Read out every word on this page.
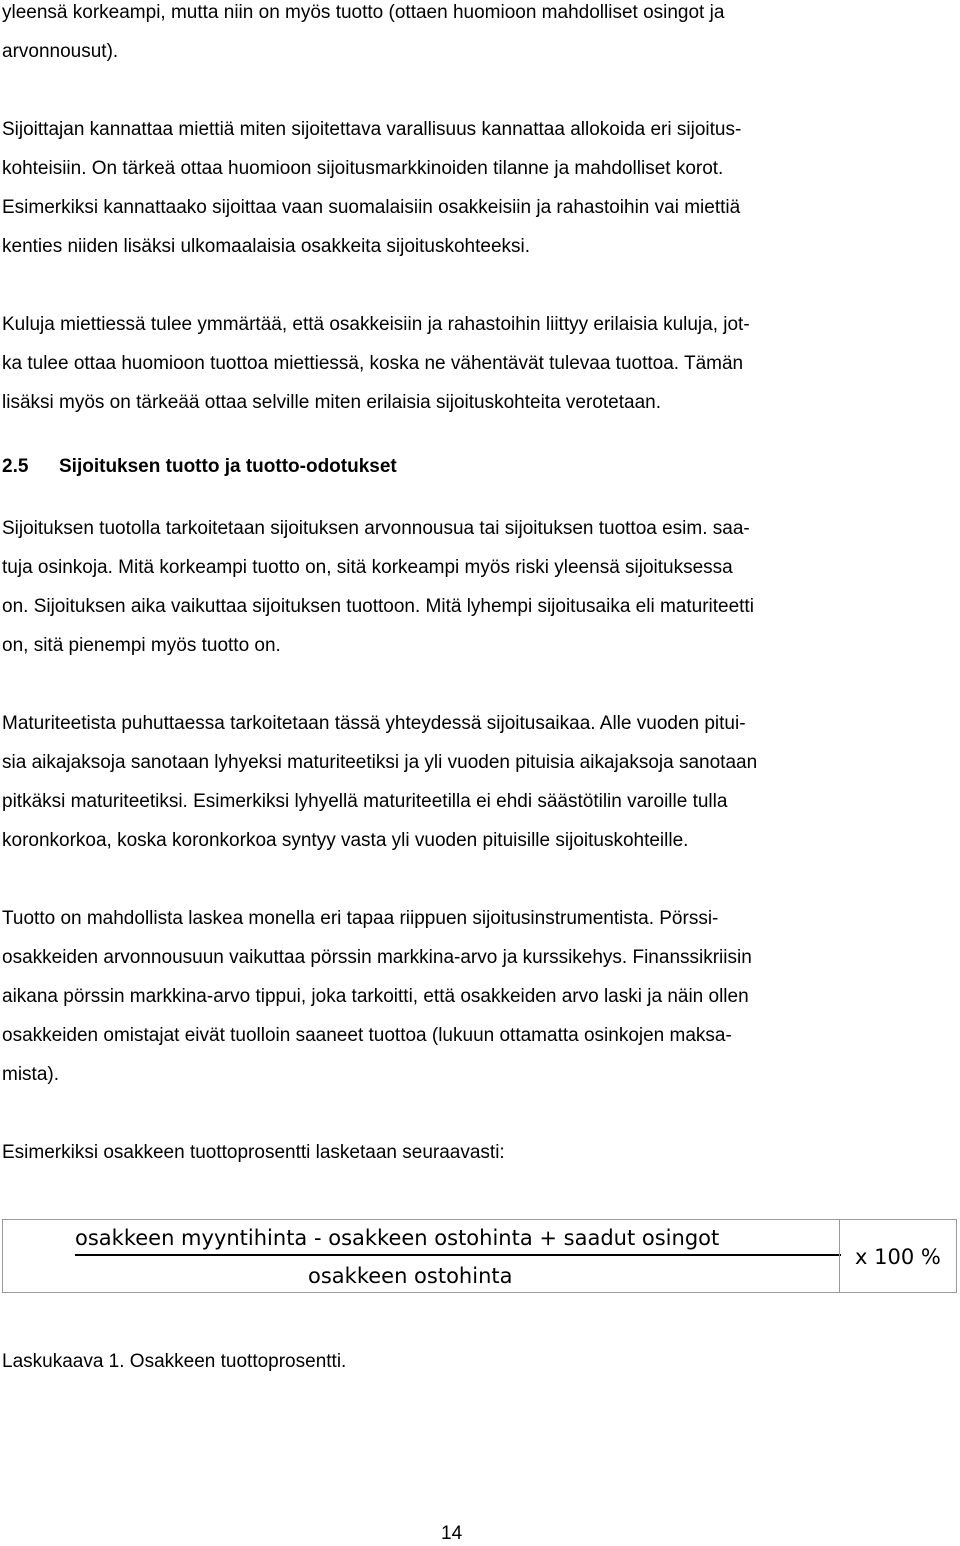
yleensä korkeampi, mutta niin on myös tuotto (ottaen huomioon mahdolliset osingot ja
arvonnousut).
Sijoittajan kannattaa miettiä miten sijoitettava varallisuus kannattaa allokoida eri sijoitus-
kohteisiin. On tärkeä ottaa huomioon sijoitusmarkkinoiden tilanne ja mahdolliset korot.
Esimerkiksi kannattaako sijoittaa vaan suomalaisiin osakkeisiin ja rahastoihin vai miettiä
kenties niiden lisäksi ulkomaalaisia osakkeita sijoituskohteeksi.
Kuluja miettiessä tulee ymmärtää, että osakkeisiin ja rahastoihin liittyy erilaisia kuluja, jot-
ka tulee ottaa huomioon tuottoa miettiessä, koska ne vähentävät tulevaa tuottoa. Tämän
lisäksi myös on tärkeää ottaa selville miten erilaisia sijoituskohteita verotetaan.
2.5 Sijoituksen tuotto ja tuotto-odotukset
Sijoituksen tuotolla tarkoitetaan sijoituksen arvonnousua tai sijoituksen tuottoa esim. saa-
tuja osinkoja. Mitä korkeampi tuotto on, sitä korkeampi myös riski yleensä sijoituksessa
on. Sijoituksen aika vaikuttaa sijoituksen tuottoon. Mitä lyhempi sijoitusaika eli maturiteetti
on, sitä pienempi myös tuotto on.
Maturiteetista puhuttaessa tarkoitetaan tässä yhteydessä sijoitusaikaa. Alle vuoden pitui-
sia aikajaksoja sanotaan lyhyeksi maturiteetiksi ja yli vuoden pituisia aikajaksoja sanotaan
pitkäksi maturiteetiksi. Esimerkiksi lyhyellä maturiteetilla ei ehdi säästötilin varoille tulla
koronkorkoa, koska koronkorkoa syntyy vasta yli vuoden pituisille sijoituskohteille.
Tuotto on mahdollista laskea monella eri tapaa riippuen sijoitusinstrumentista. Pörssi-
osakkeiden arvonnousuun vaikuttaa pörssin markkina-arvo ja kurssikehys. Finanssikriisin
aikana pörssin markkina-arvo tippui, joka tarkoitti, että osakkeiden arvo laski ja näin ollen
osakkeiden omistajat eivät tuolloin saaneet tuottoa (lukuun ottamatta osinkojen maksa-
mista).
Esimerkiksi osakkeen tuottoprosentti lasketaan seuraavasti:
osakkeen myyntihinta - osakkeen ostohinta + saadut osingot
osakkeen ostohinta
x 100 %
Laskukaava 1. Osakkeen tuottoprosentti.
14
